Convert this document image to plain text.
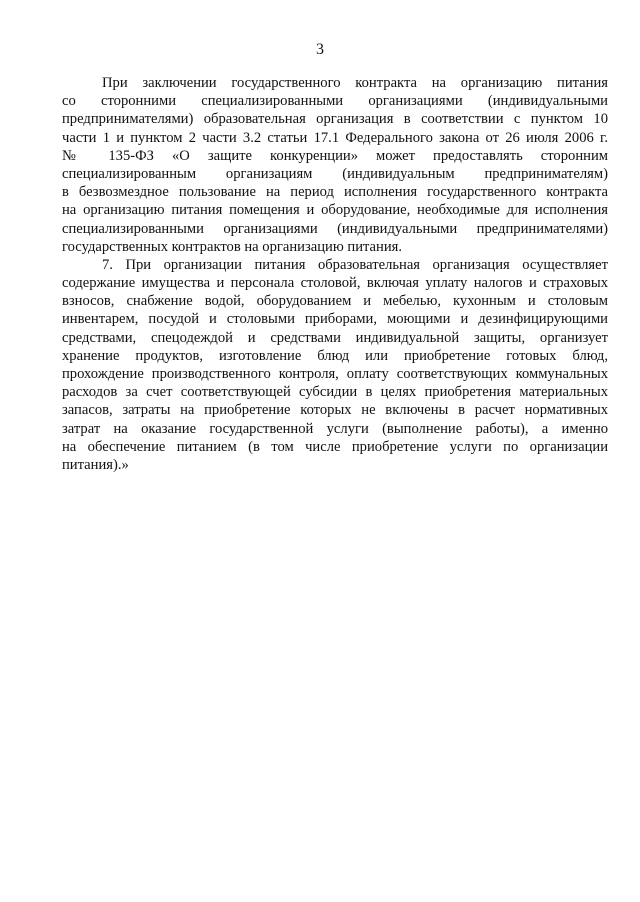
3
При заключении государственного контракта на организацию питания
со сторонними специализированными организациями (индивидуальными
предпринимателями) образовательная организация в соответствии с пунктом 10
части 1 и пунктом 2 части 3.2 статьи 17.1 Федерального закона от 26 июля 2006 г.
№ 135-ФЗ «О защите конкуренции» может предоставлять сторонним
специализированным организациям (индивидуальным предпринимателям)
в безвозмездное пользование на период исполнения государственного контракта
на организацию питания помещения и оборудование, необходимые для исполнения
специализированными организациями (индивидуальными предпринимателями)
государственных контрактов на организацию питания.
7. При организации питания образовательная организация осуществляет
содержание имущества и персонала столовой, включая уплату налогов и страховых
взносов, снабжение водой, оборудованием и мебелью, кухонным и столовым
инвентарем, посудой и столовыми приборами, моющими и дезинфицирующими
средствами, спецодеждой и средствами индивидуальной защиты, организует
хранение продуктов, изготовление блюд или приобретение готовых блюд,
прохождение производственного контроля, оплату соответствующих коммунальных
расходов за счет соответствующей субсидии в целях приобретения материальных
запасов, затраты на приобретение которых не включены в расчет нормативных
затрат на оказание государственной услуги (выполнение работы), а именно
на обеспечение питанием (в том числе приобретение услуги по организации
питания).»
